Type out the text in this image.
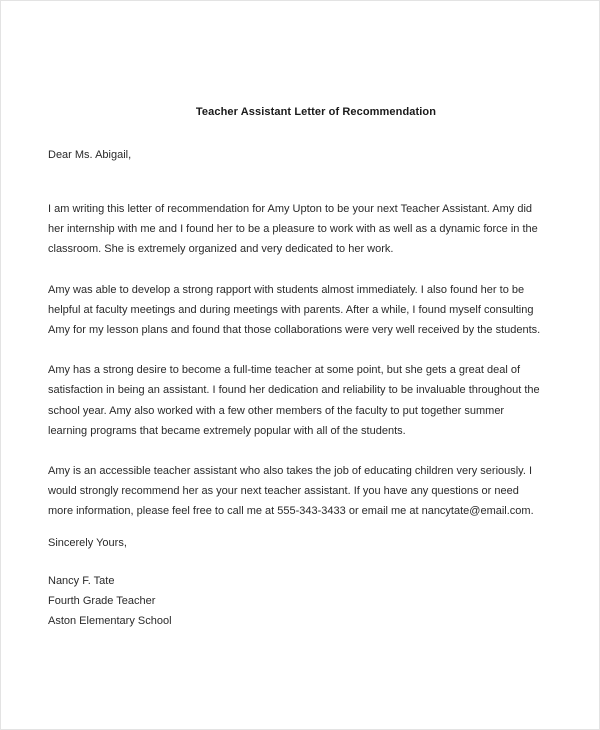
Teacher Assistant Letter of Recommendation
Dear Ms. Abigail,

I am writing this letter of recommendation for Amy Upton to be your next Teacher Assistant. Amy did her internship with me and I found her to be a pleasure to work with as well as a dynamic force in the classroom. She is extremely organized and very dedicated to her work.

Amy was able to develop a strong rapport with students almost immediately. I also found her to be helpful at faculty meetings and during meetings with parents. After a while, I found myself consulting Amy for my lesson plans and found that those collaborations were very well received by the students.

Amy has a strong desire to become a full-time teacher at some point, but she gets a great deal of satisfaction in being an assistant. I found her dedication and reliability to be invaluable throughout the school year. Amy also worked with a few other members of the faculty to put together summer learning programs that became extremely popular with all of the students.

Amy is an accessible teacher assistant who also takes the job of educating children very seriously. I would strongly recommend her as your next teacher assistant. If you have any questions or need more information, please feel free to call me at 555-343-3433 or email me at nancytate@email.com.

Sincerely Yours,
Nancy F. Tate
Fourth Grade Teacher
Aston Elementary School
